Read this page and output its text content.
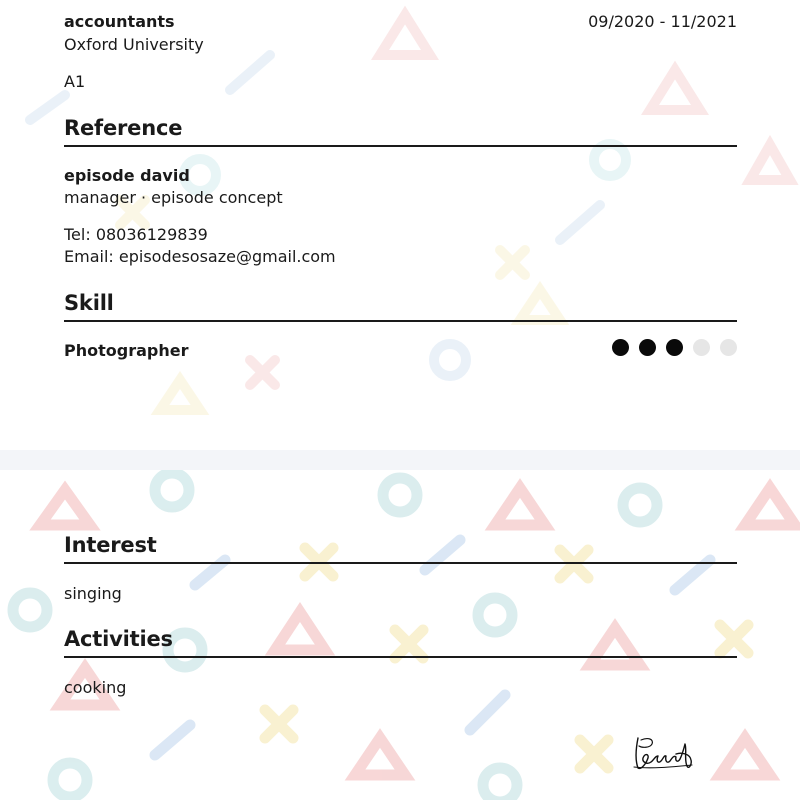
accountants	09/2020 - 11/2021
Oxford University
A1
Reference
episode david
manager · episode concept
Tel: 08036129839
Email: episodesosaze@gmail.com
Skill
Photographer
Interest
singing
Activities
cooking
